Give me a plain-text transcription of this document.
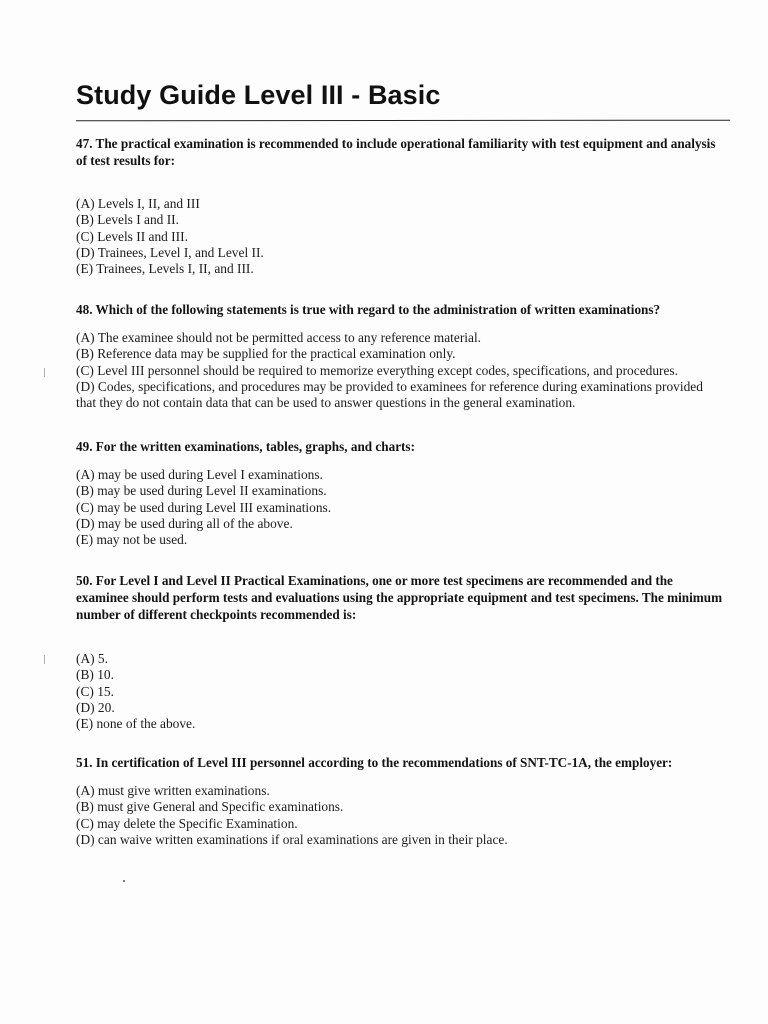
Study Guide Level III - Basic

47. The practical examination is recommended to include operational familiarity with test equipment and analysis of test results for:

(A) Levels I, II, and III
(B) Levels I and II.
(C) Levels II and III.
(D) Trainees, Level I, and Level II.
(E) Trainees, Levels I, II, and III.

48. Which of the following statements is true with regard to the administration of written examinations?

(A) The examinee should not be permitted access to any reference material.
(B) Reference data may be supplied for the practical examination only.
(C) Level III personnel should be required to memorize everything except codes, specifications, and procedures.
(D) Codes, specifications, and procedures may be provided to examinees for reference during examinations provided that they do not contain data that can be used to answer questions in the general examination.

49. For the written examinations, tables, graphs, and charts:

(A) may be used during Level I examinations.
(B) may be used during Level II examinations.
(C) may be used during Level III examinations.
(D) may be used during all of the above.
(E) may not be used.

50. For Level I and Level II Practical Examinations, one or more test specimens are recommended and the examinee should perform tests and evaluations using the appropriate equipment and test specimens. The minimum number of different checkpoints recommended is:

(A) 5.
(B) 10.
(C) 15.
(D) 20.
(E) none of the above.

51. In certification of Level III personnel according to the recommendations of SNT-TC-1A, the employer:

(A) must give written examinations.
(B) must give General and Specific examinations.
(C) may delete the Specific Examination.
(D) can waive written examinations if oral examinations are given in their place.
